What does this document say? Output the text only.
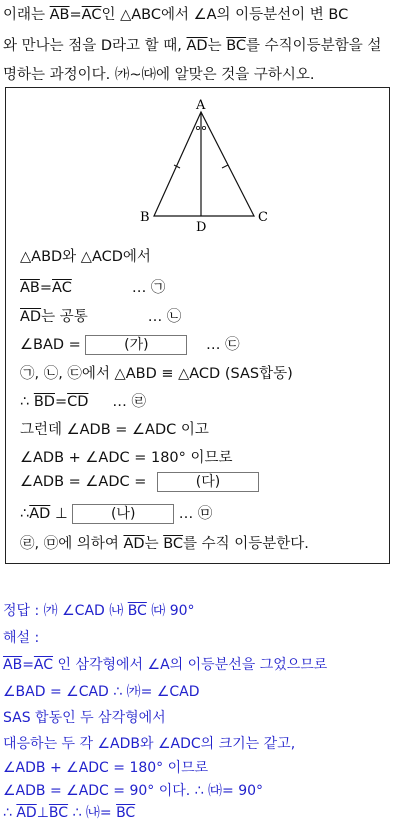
이래는 $\overline{AB}=\overline{AC}$인 △ABC에서 ∠A의 이등분선이 변 BC
와 만나는 점을 D라고 할 때, $\overline{AD}$는 $\overline{BC}$를 수직이등분함을 설
명하는 과정이다. ㈎~㈐에 알맞은 것을 구하시오.
A
B	C
D
△ABD와 △ACD에서
$\overline{AB}=\overline{AC}$	… ㉠
$\overline{AD}$는 공통	… ㉡
∠BAD =	(가)	… ㉢
㉠, ㉡, ㉢에서 △ABD ≡ △ACD (SAS합동)
∴ $\overline{BD}=\overline{CD}$ … ㉣
그런데 ∠ADB = ∠ADC 이고
∠ADB + ∠ADC = 180° 이므로
∠ADB = ∠ADC =	(다)
$\therefore\overline{AD}$ ⊥	(나)	… ㉤
㉣, ㉤에 의하여 $\overline{AD}$는 $\overline{BC}$를 수직 이등분한다.
정답 : ㈎ ∠CAD ㈏ $\overline{BC}$ ㈐ 90°
해설 :
$\overline{AB}=\overline{AC}$ 인 삼각형에서 ∠A의 이등분선을 그었으므로
∠BAD = ∠CAD ∴ ㈎= ∠CAD
SAS 합동인 두 삼각형에서
대응하는 두 각 ∠ADB와 ∠ADC의 크기는 같고,
∠ADB + ∠ADC = 180° 이므로
∠ADB = ∠ADC = 90° 이다. ∴ ㈐= 90°
∴ $\overline{AD}\perp\overline{BC}$ ∴ ㈏= $\overline{BC}$
